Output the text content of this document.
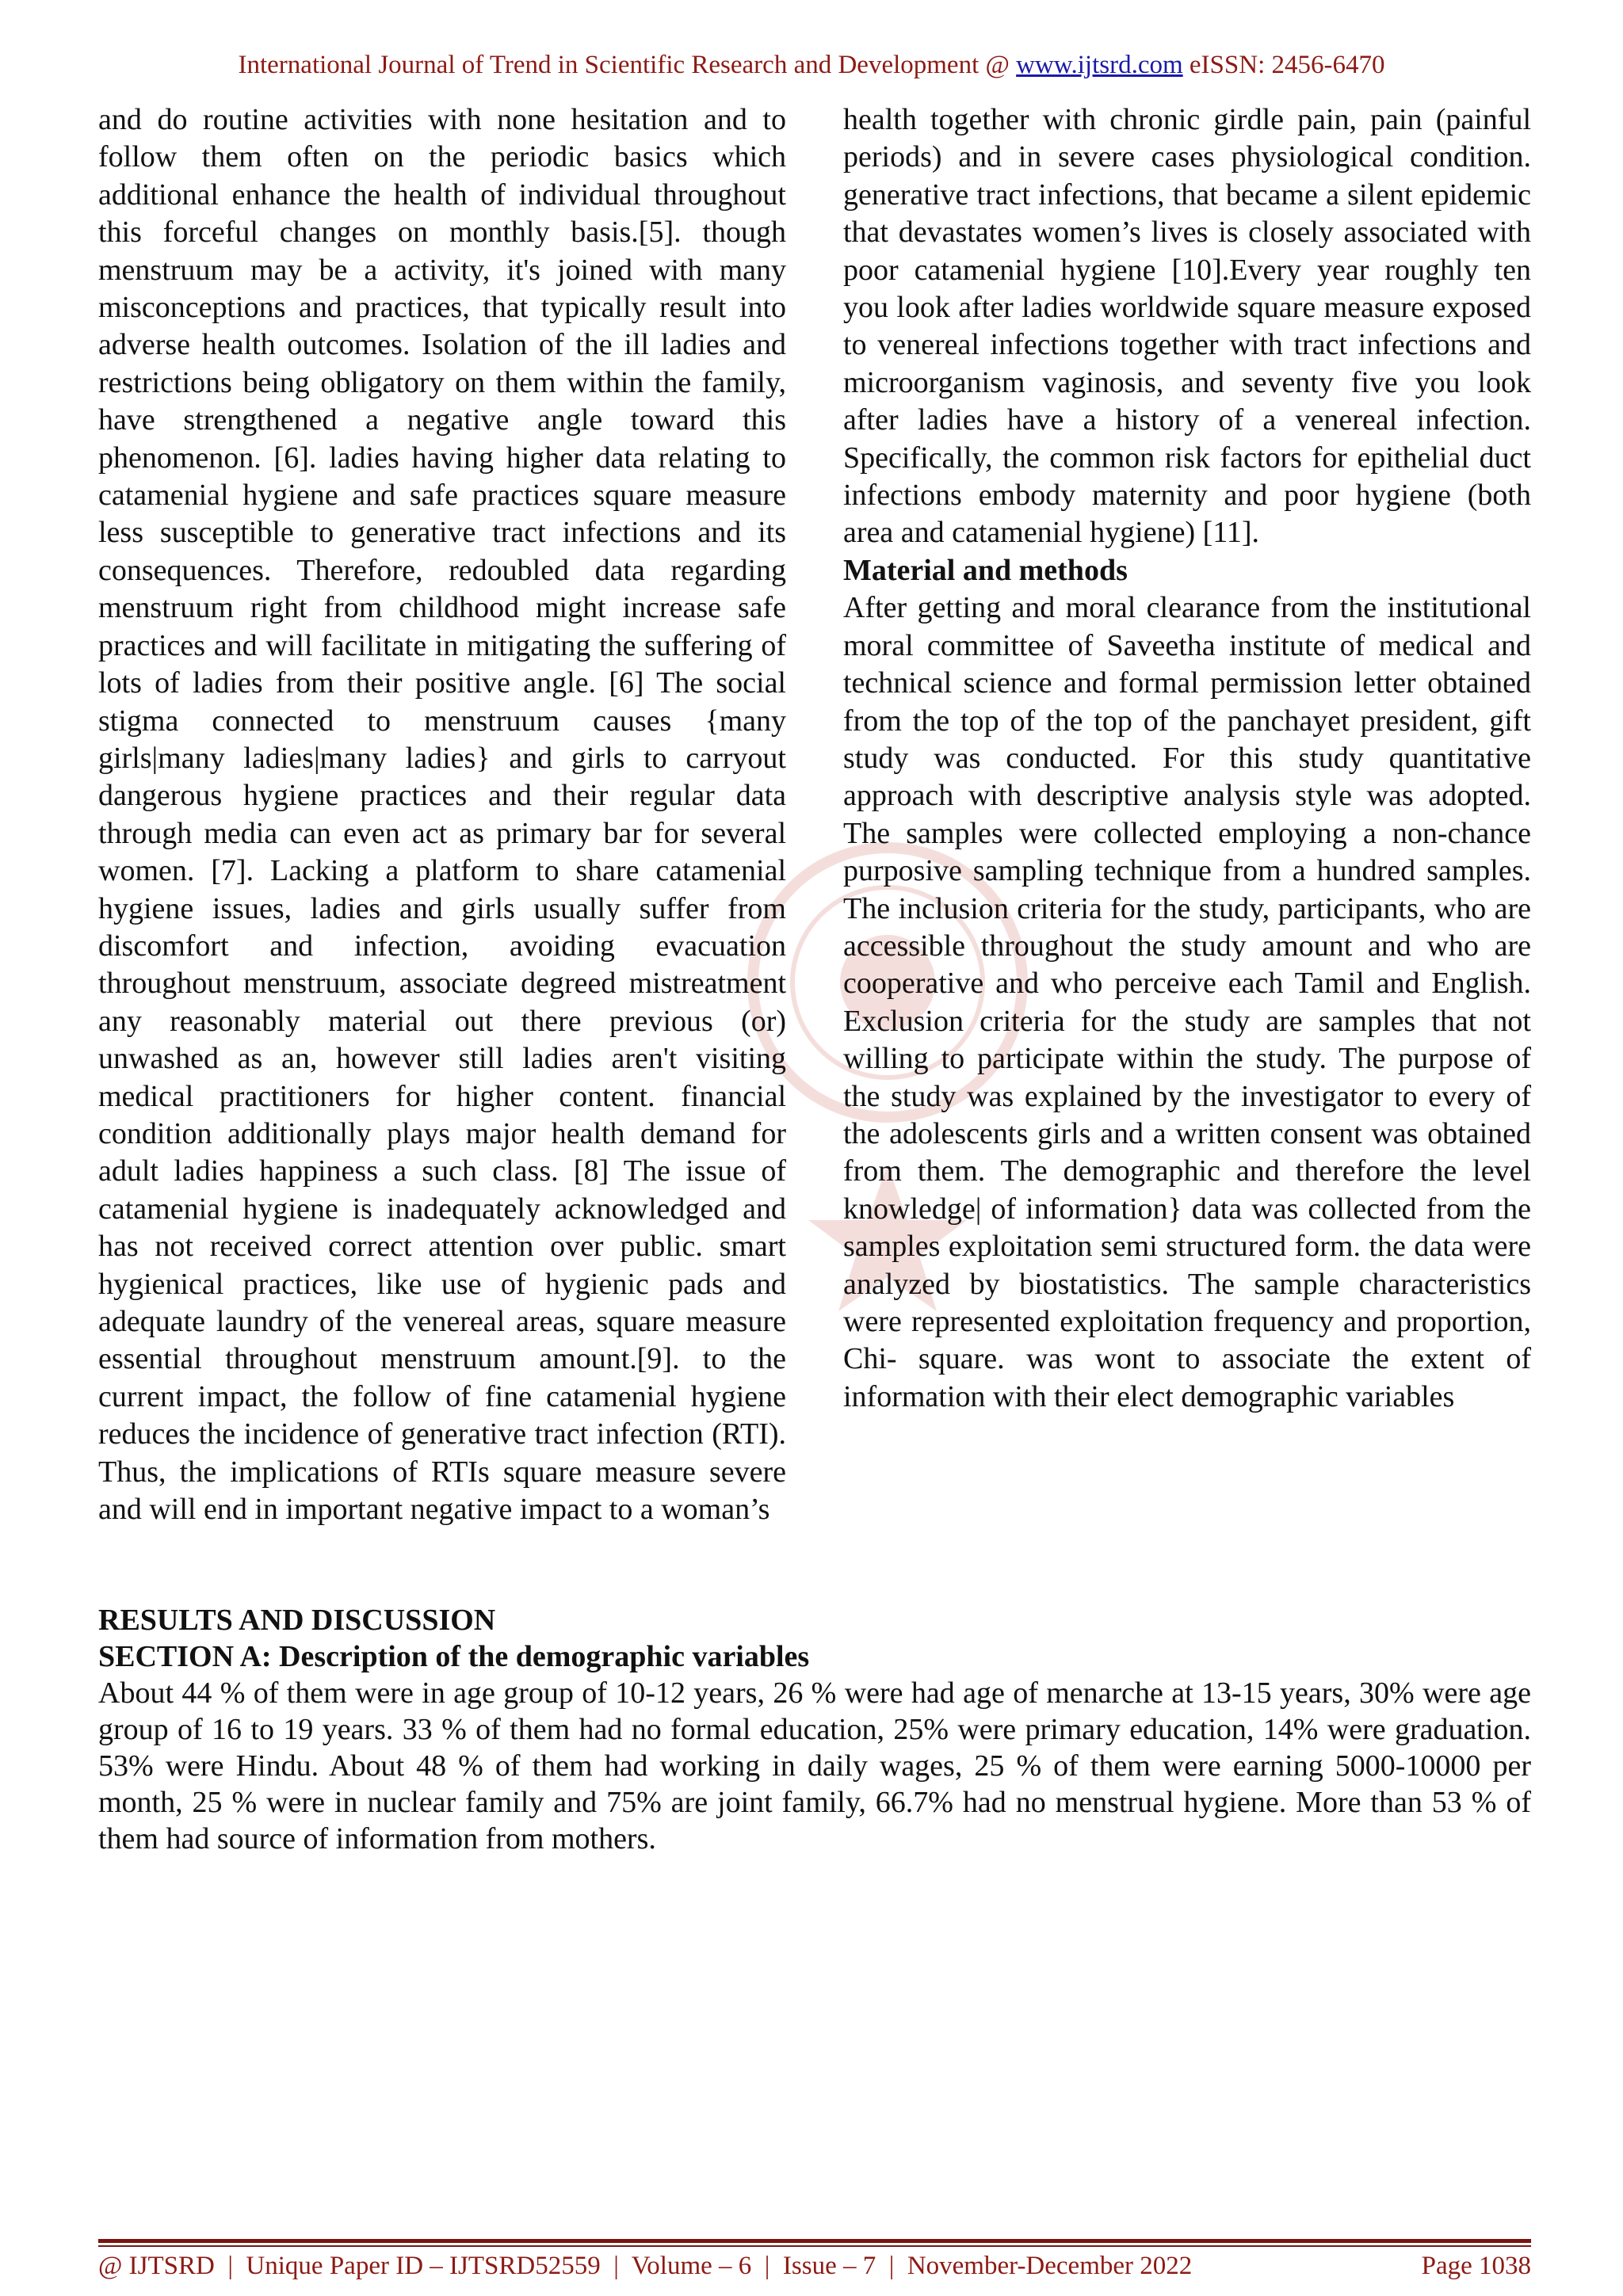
International Journal of Trend in Scientific Research and Development @ www.ijtsrd.com eISSN: 2456-6470

and do routine activities with none hesitation and to follow them often on the periodic basics which additional enhance the health of individual throughout this forceful changes on monthly basis.[5]. though menstruum may be a activity, it's joined with many misconceptions and practices, that typically result into adverse health outcomes. Isolation of the ill ladies and restrictions being obligatory on them within the family, have strengthened a negative angle toward this phenomenon. [6]. ladies having higher data relating to catamenial hygiene and safe practices square measure less susceptible to generative tract infections and its consequences. Therefore, redoubled data regarding menstruum right from childhood might increase safe practices and will facilitate in mitigating the suffering of lots of ladies from their positive angle. [6] The social stigma connected to menstruum causes {many girls|many ladies|many ladies} and girls to carryout dangerous hygiene practices and their regular data through media can even act as primary bar for several women. [7]. Lacking a platform to share catamenial hygiene issues, ladies and girls usually suffer from discomfort and infection, avoiding evacuation throughout menstruum, associate degreed mistreatment any reasonably material out there previous (or) unwashed as an, however still ladies aren't visiting medical practitioners for higher content. financial condition additionally plays major health demand for adult ladies happiness a such class. [8] The issue of catamenial hygiene is inadequately acknowledged and has not received correct attention over public. smart hygienical practices, like use of hygienic pads and adequate laundry of the venereal areas, square measure essential throughout menstruum amount.[9]. to the current impact, the follow of fine catamenial hygiene reduces the incidence of generative tract infection (RTI). Thus, the implications of RTIs square measure severe and will end in important negative impact to a woman’s

health together with chronic girdle pain, pain (painful periods) and in severe cases physiological condition. generative tract infections, that became a silent epidemic that devastates women’s lives is closely associated with poor catamenial hygiene [10].Every year roughly ten you look after ladies worldwide square measure exposed to venereal infections together with tract infections and microorganism vaginosis, and seventy five you look after ladies have a history of a venereal infection. Specifically, the common risk factors for epithelial duct infections embody maternity and poor hygiene (both area and catamenial hygiene) [11].

Material and methods

After getting and moral clearance from the institutional moral committee of Saveetha institute of medical and technical science and formal permission letter obtained from the top of the top of the panchayet president, gift study was conducted. For this study quantitative approach with descriptive analysis style was adopted. The samples were collected employing a non-chance purposive sampling technique from a hundred samples. The inclusion criteria for the study, participants, who are accessible throughout the study amount and who are cooperative and who perceive each Tamil and English. Exclusion criteria for the study are samples that not willing to participate within the study. The purpose of the study was explained by the investigator to every of the adolescents girls and a written consent was obtained from them. The demographic and therefore the level knowledge| of information} data was collected from the samples exploitation semi structured form. the data were analyzed by biostatistics. The sample characteristics were represented exploitation frequency and proportion, Chi- square. was wont to associate the extent of information with their elect demographic variables

RESULTS AND DISCUSSION

SECTION A: Description of the demographic variables

About 44 % of them were in age group of 10-12 years, 26 % were had age of menarche at 13-15 years, 30% were age group of 16 to 19 years. 33 % of them had no formal education, 25% were primary education, 14% were graduation. 53% were Hindu. About 48 % of them had working in daily wages, 25 % of them were earning 5000-10000 per month, 25 % were in nuclear family and 75% are joint family, 66.7% had no menstrual hygiene. More than 53 % of them had source of information from mothers.

@ IJTSRD  |  Unique Paper ID – IJTSRD52559  |  Volume – 6  |  Issue – 7  |  November-December 2022	Page 1038
